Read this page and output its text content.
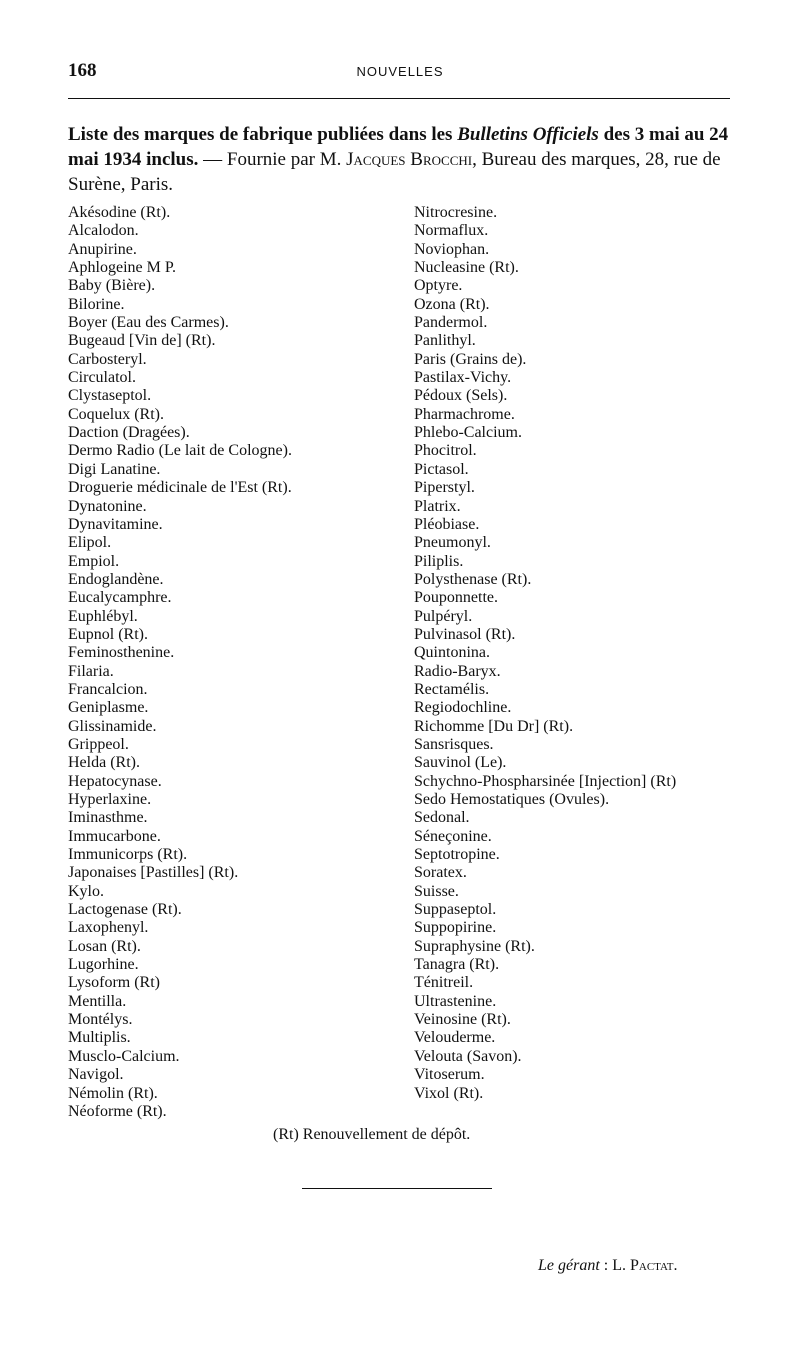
168	NOUVELLES

Liste des marques de fabrique publiées dans les Bulletins Officiels des 3 mai au 24 mai 1934 inclus. — Fournie par M. Jacques Brocchi, Bureau des marques, 28, rue de Surène, Paris.

Akésodine (Rt).
Alcalodon.
Anupirine.
Aphlogeine M P.
Baby (Bière).
Bilorine.
Boyer (Eau des Carmes).
Bugeaud [Vin de] (Rt).
Carbosteryl.
Circulatol.
Clystaseptol.
Coquelux (Rt).
Daction (Dragées).
Dermo Radio (Le lait de Cologne).
Digi Lanatine.
Droguerie médicinale de l'Est (Rt).
Dynatonine.
Dynavitamine.
Elipol.
Empiol.
Endoglandène.
Eucalycamphre.
Euphlébyl.
Eupnol (Rt).
Feminosthenine.
Filaria.
Francalcion.
Geniplasme.
Glissinamide.
Grippeol.
Helda (Rt).
Hepatocynase.
Hyperlaxine.
Iminasthme.
Immucarbone.
Immunicorps (Rt).
Japonaises [Pastilles] (Rt).
Kylo.
Lactogenase (Rt).
Laxophenyl.
Losan (Rt).
Lugorhine.
Lysoform (Rt)
Mentilla.
Montélys.
Multiplis.
Musclo-Calcium.
Navigol.
Némolin (Rt).
Néoforme (Rt).
Nitrocresine.
Normaflux.
Noviophan.
Nucleasine (Rt).
Optyre.
Ozona (Rt).
Pandermol.
Panlithyl.
Paris (Grains de).
Pastilax-Vichy.
Pédoux (Sels).
Pharmachrome.
Phlebo-Calcium.
Phocitrol.
Pictasol.
Piperstyl.
Platrix.
Pléobiase.
Pneumonyl.
Piliplis.
Polysthenase (Rt).
Pouponnette.
Pulpéryl.
Pulvinasol (Rt).
Quintonina.
Radio-Baryx.
Rectamélis.
Regiodochline.
Richomme [Du Dr] (Rt).
Sansrisques.
Sauvinol (Le).
Schychno-Phospharsinée [Injection] (Rt)
Sedo Hemostatiques (Ovules).
Sedonal.
Séneçonine.
Septotropine.
Soratex.
Suisse.
Suppaseptol.
Suppopirine.
Supraphysine (Rt).
Tanagra (Rt).
Ténitreil.
Ultrastenine.
Veinosine (Rt).
Velouderme.
Velouta (Savon).
Vitoserum.
Vixol (Rt).
(Rt) Renouvellement de dépôt.
Le gérant : L. Pactat.
